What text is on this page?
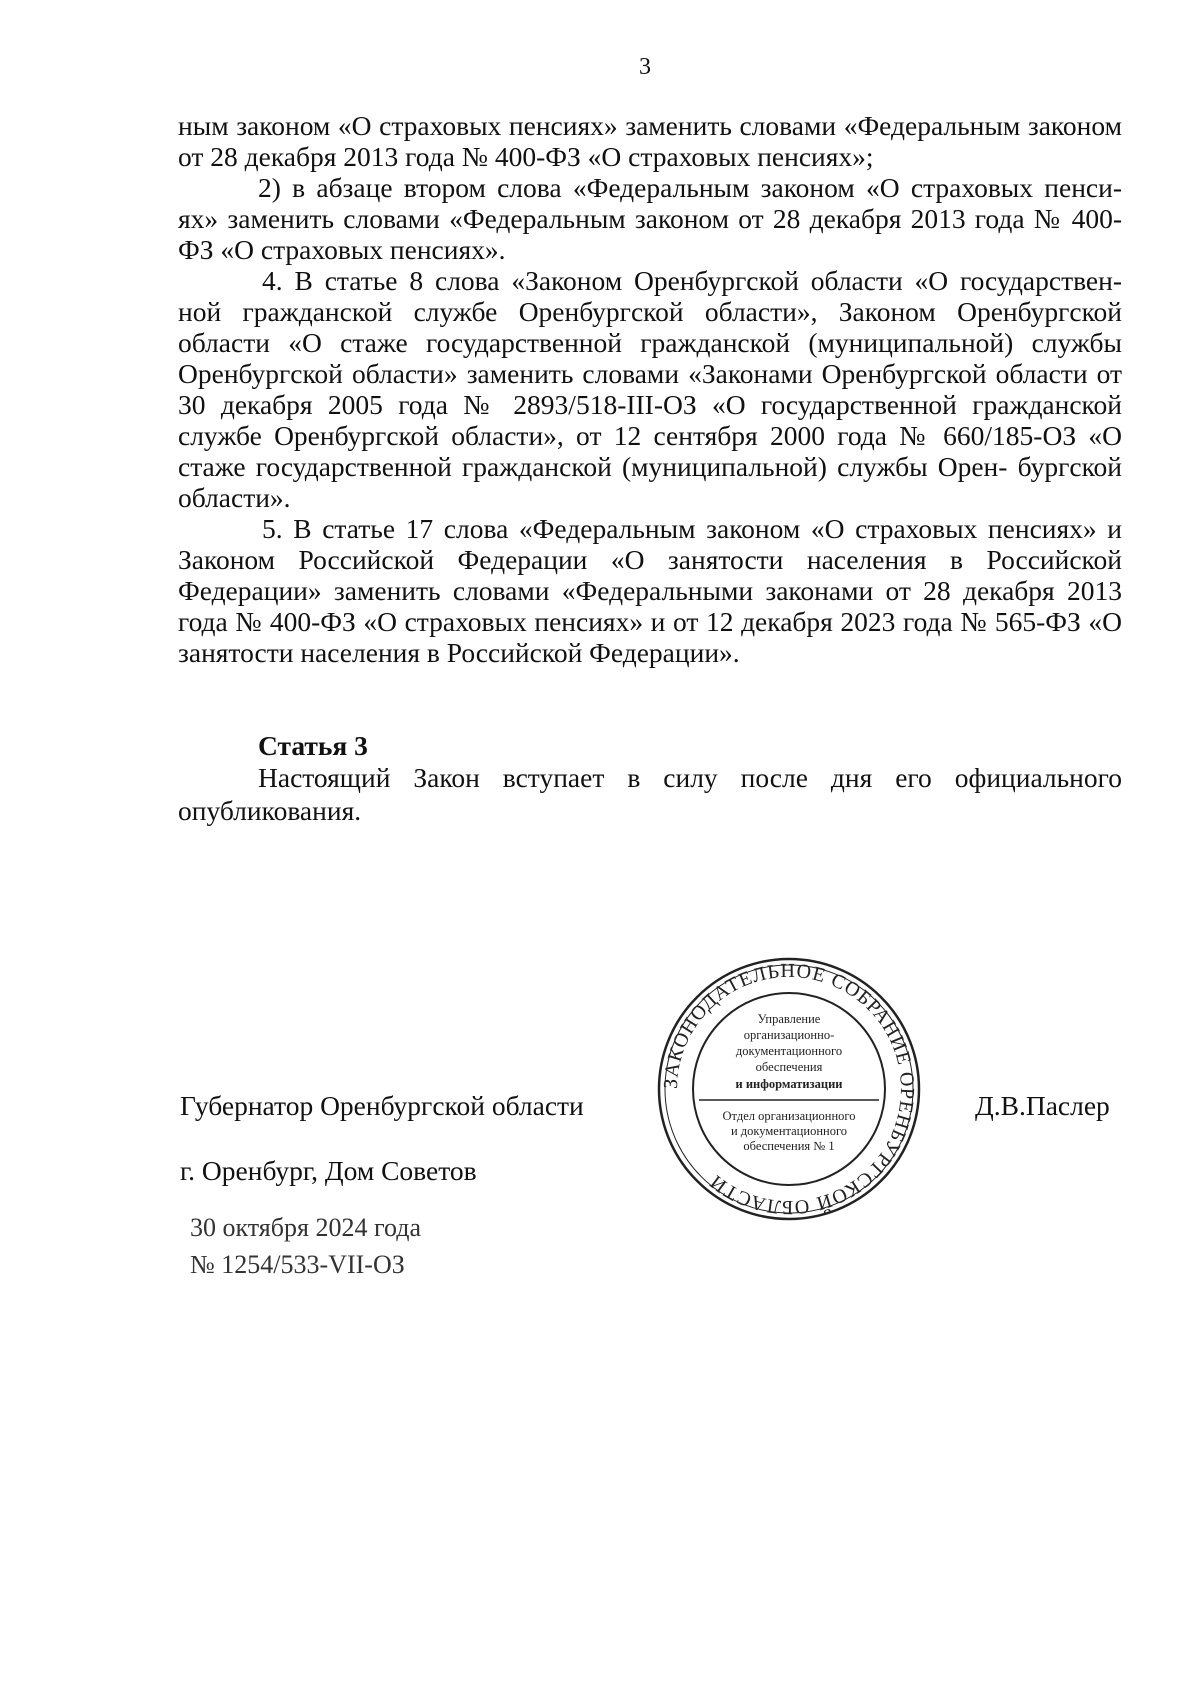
3

ным законом «О страховых пенсиях» заменить словами «Федеральным законом от 28 декабря 2013 года № 400-ФЗ «О страховых пенсиях»;

2) в абзаце втором слова «Федеральным законом «О страховых пенси- ях» заменить словами «Федеральным законом от 28 декабря 2013 года № 400-ФЗ «О страховых пенсиях».

4. В статье 8 слова «Законом Оренбургской области «О государствен- ной гражданской службе Оренбургской области», Законом Оренбургской области «О стаже государственной гражданской (муниципальной) службы Оренбургской области» заменить словами «Законами Оренбургской области от 30 декабря 2005 года № 2893/518-III-ОЗ «О государственной гражданской службе Оренбургской области», от 12 сентября 2000 года № 660/185-ОЗ «О стаже государственной гражданской (муниципальной) службы Орен- бургской области».

5. В статье 17 слова «Федеральным законом «О страховых пенсиях» и Законом Российской Федерации «О занятости населения в Российской Федерации» заменить словами «Федеральными законами от 28 декабря 2013 года № 400-ФЗ «О страховых пенсиях» и от 12 декабря 2023 года № 565-ФЗ «О занятости населения в Российской Федерации».

Статья 3

Настоящий Закон вступает в силу после дня его официального опубликования.

Губернатор Оренбургской области	Д.В.Паслер
г. Оренбург, Дом Советов
30 октября 2024 года
№ 1254/533-VII-ОЗ
ЗАКОНОДАТЕЛЬНОЕ СОБРАНИЕ ОРЕНБУРГСКОЙ ОБЛАСТИ
Управление
организационно-
документационного
обеспечения
и информатизации
Отдел организационного
и документационного
обеспечения № 1
